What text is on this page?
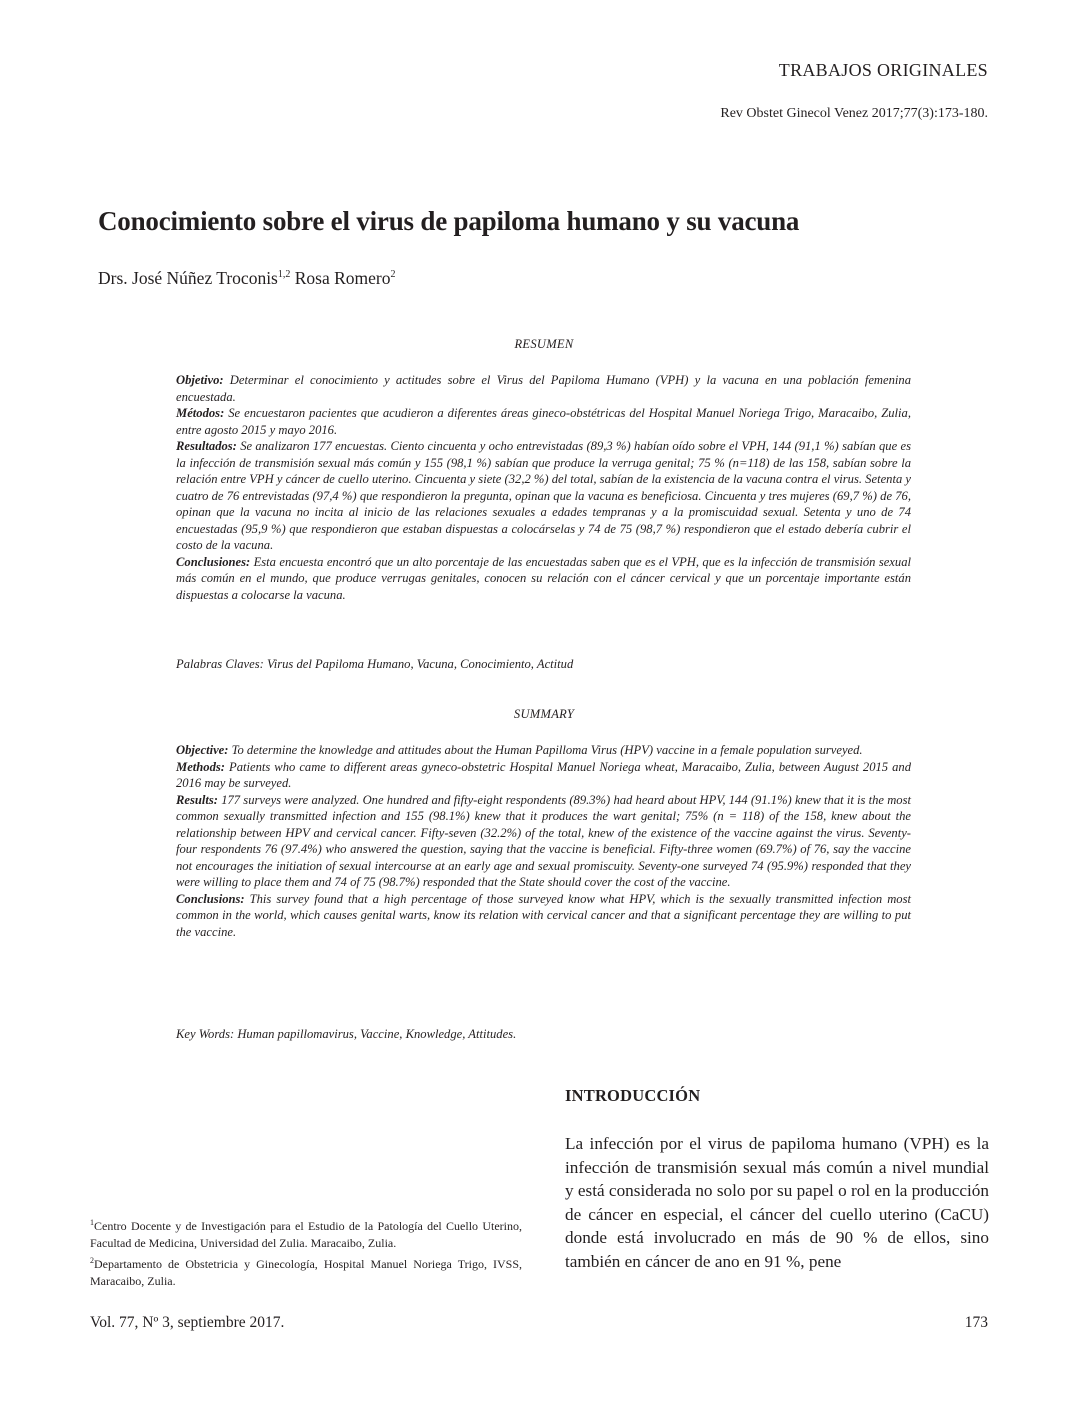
TRABAJOS ORIGINALES
Rev Obstet Ginecol Venez 2017;77(3):173-180.
Conocimiento sobre el virus de papiloma humano y su vacuna
Drs. José Núñez Troconis$^{1,2}$ Rosa Romero$^2$
RESUMEN

Objetivo: Determinar el conocimiento y actitudes sobre el Virus del Papiloma Humano (VPH) y la vacuna en una población femenina encuestada.

Métodos: Se encuestaron pacientes que acudieron a diferentes áreas gineco-obstétricas del Hospital Manuel Noriega Trigo, Maracaibo, Zulia, entre agosto 2015 y mayo 2016.

Resultados: Se analizaron 177 encuestas. Ciento cincuenta y ocho entrevistadas (89,3 %) habían oído sobre el VPH, 144 (91,1 %) sabían que es la infección de transmisión sexual más común y 155 (98,1 %) sabían que produce la verruga genital; 75 % (n=118) de las 158, sabían sobre la relación entre VPH y cáncer de cuello uterino. Cincuenta y siete (32,2 %) del total, sabían de la existencia de la vacuna contra el virus. Setenta y cuatro de 76 entrevistadas (97,4 %) que respondieron la pregunta, opinan que la vacuna es beneficiosa. Cincuenta y tres mujeres (69,7 %) de 76, opinan que la vacuna no incita al inicio de las relaciones sexuales a edades tempranas y a la promiscuidad sexual. Setenta y uno de 74 encuestadas (95,9 %) que respondieron que estaban dispuestas a colocárselas y 74 de 75 (98,7 %) respondieron que el estado debería cubrir el costo de la vacuna.

Conclusiones: Esta encuesta encontró que un alto porcentaje de las encuestadas saben que es el VPH, que es la infección de transmisión sexual más común en el mundo, que produce verrugas genitales, conocen su relación con el cáncer cervical y que un porcentaje importante están dispuestas a colocarse la vacuna.

Palabras Claves: Virus del Papiloma Humano, Vacuna, Conocimiento, Actitud
SUMMARY

Objective: To determine the knowledge and attitudes about the Human Papilloma Virus (HPV) vaccine in a female population surveyed.

Methods: Patients who came to different areas gyneco-obstetric Hospital Manuel Noriega wheat, Maracaibo, Zulia, between August 2015 and 2016 may be surveyed.

Results: 177 surveys were analyzed. One hundred and fifty-eight respondents (89.3%) had heard about HPV, 144 (91.1%) knew that it is the most common sexually transmitted infection and 155 (98.1%) knew that it produces the wart genital; 75% (n = 118) of the 158, knew about the relationship between HPV and cervical cancer. Fifty-seven (32.2%) of the total, knew of the existence of the vaccine against the virus. Seventy-four respondents 76 (97.4%) who answered the question, saying that the vaccine is beneficial. Fifty-three women (69.7%) of 76, say the vaccine not encourages the initiation of sexual intercourse at an early age and sexual promiscuity. Seventy-one surveyed 74 (95.9%) responded that they were willing to place them and 74 of 75 (98.7%) responded that the State should cover the cost of the vaccine.

Conclusions: This survey found that a high percentage of those surveyed know what HPV, which is the sexually transmitted infection most common in the world, which causes genital warts, know its relation with cervical cancer and that a significant percentage they are willing to put the vaccine.

Key Words: Human papillomavirus, Vaccine, Knowledge, Attitudes.
INTRODUCCIÓN
La infección por el virus de papiloma humano (VPH) es la infección de transmisión sexual más común a nivel mundial y está considerada no solo por su papel o rol en la producción de cáncer en especial, el cáncer del cuello uterino (CaCU) donde está involucrado en más de 90 % de ellos, sino también en cáncer de ano en 91 %, pene

$^1$Centro Docente y de Investigación para el Estudio de la Patología del Cuello Uterino, Facultad de Medicina, Universidad del Zulia. Maracaibo, Zulia.

$^2$Departamento de Obstetricia y Ginecología, Hospital Manuel Noriega Trigo, IVSS, Maracaibo, Zulia.

Vol. 77, Nº 3, septiembre 2017.	173
